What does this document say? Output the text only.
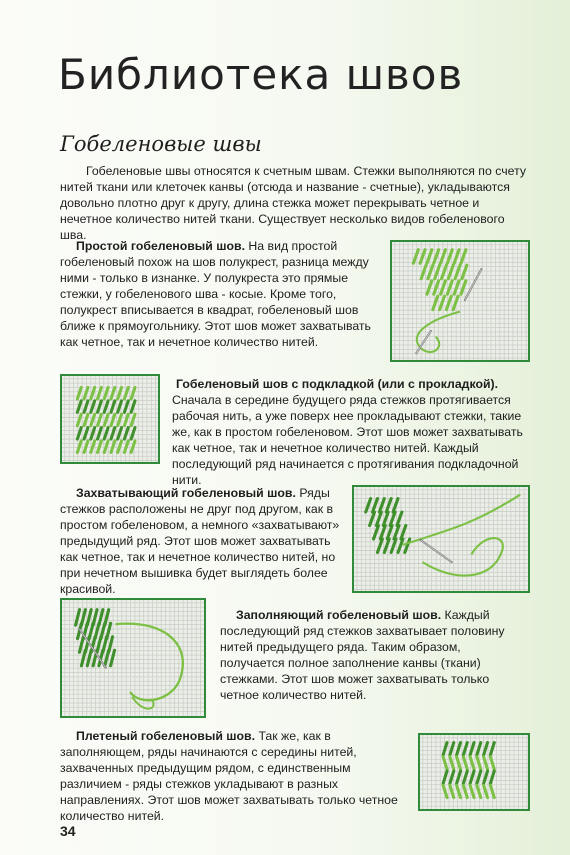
Библиотека швов
Гобеленовые швы

Гобеленовые швы относятся к счетным швам. Стежки выполняются по счету нитей ткани или клеточек канвы (отсюда и название - счетные), укладываются довольно плотно друг к другу, длина стежка может перекрывать четное и нечетное количество нитей ткани. Существует несколько видов гобеленового шва.

Простой гобеленовый шов. На вид простой гобеленовый похож на шов полукрест, разница между ними - только в изнанке. У полукреста это прямые стежки, у гобеленового шва - косые. Кроме того, полукрест вписывается в квадрат, гобеленовый шов ближе к прямоугольнику. Этот шов может захватывать как четное, так и нечетное количество нитей.

Гобеленовый шов с подкладкой (или с прокладкой). Сначала в середине будущего ряда стежков протягивается рабочая нить, а уже поверх нее прокладывают стежки, такие же, как в простом гобеленовом. Этот шов может захватывать как четное, так и нечетное количество нитей. Каждый последующий ряд начинается с протягивания подкладочной нити.

Захватывающий гобеленовый шов. Ряды стежков расположены не друг под другом, как в простом гобеленовом, а немного «захватывают» предыдущий ряд. Этот шов может захватывать как четное, так и нечетное количество нитей, но при нечетном вышивка будет выглядеть более красивой.

Заполняющий гобеленовый шов. Каждый последующий ряд стежков захватывает половину нитей предыдущего ряда. Таким образом, получается полное заполнение канвы (ткани) стежками. Этот шов может захватывать только четное количество нитей.

Плетеный гобеленовый шов. Так же, как в заполняющем, ряды начинаются с середины нитей, захваченных предыдущим рядом, с единственным различием - ряды стежков укладывают в разных направлениях. Этот шов может захватывать только четное количество нитей.

34
